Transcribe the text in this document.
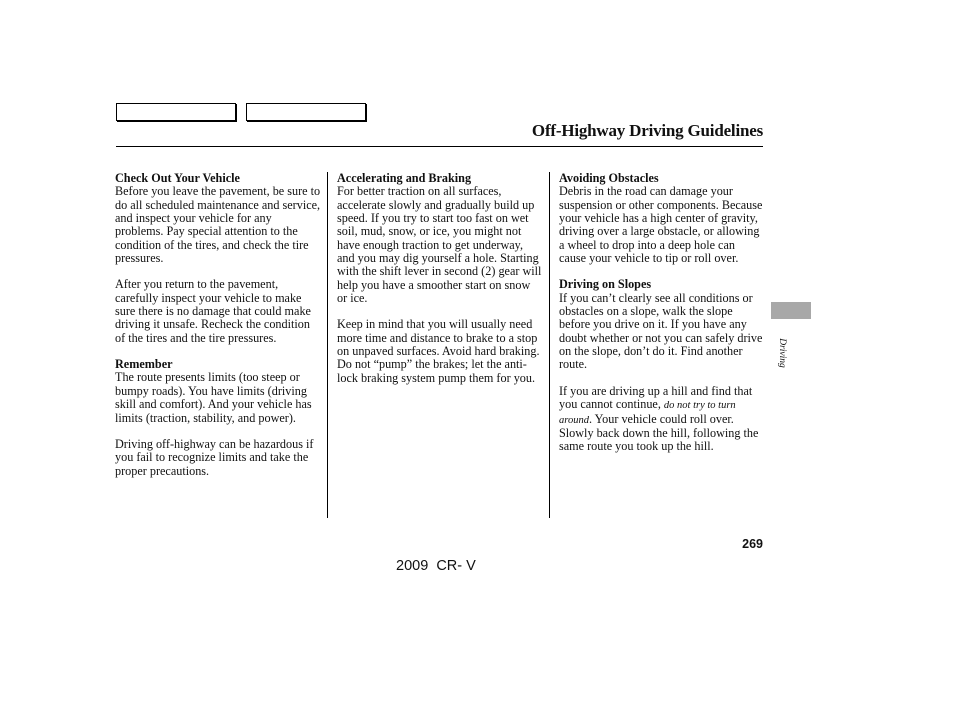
Off-Highway Driving Guidelines
Check Out Your Vehicle

Before you leave the pavement, be sure to do all scheduled maintenance and service, and inspect your vehicle for any problems. Pay special attention to the condition of the tires, and check the tire pressures.

After you return to the pavement, carefully inspect your vehicle to make sure there is no damage that could make driving it unsafe. Recheck the condition of the tires and the tire pressures.

Remember

The route presents limits (too steep or bumpy roads). You have limits (driving skill and comfort). And your vehicle has limits (traction, stability, and power).

Driving off-highway can be hazardous if you fail to recognize limits and take the proper precautions.

Accelerating and Braking

For better traction on all surfaces, accelerate slowly and gradually build up speed. If you try to start too fast on wet soil, mud, snow, or ice, you might not have enough traction to get underway, and you may dig yourself a hole. Starting with the shift lever in second (2) gear will help you have a smoother start on snow or ice.

Keep in mind that you will usually need more time and distance to brake to a stop on unpaved surfaces. Avoid hard braking. Do not “pump” the brakes; let the anti-lock braking system pump them for you.

Avoiding Obstacles

Debris in the road can damage your suspension or other components. Because your vehicle has a high center of gravity, driving over a large obstacle, or allowing a wheel to drop into a deep hole can cause your vehicle to tip or roll over.

Driving on Slopes

If you can’t clearly see all conditions or obstacles on a slope, walk the slope before you drive on it. If you have any doubt whether or not you can safely drive on the slope, don’t do it. Find another route.

If you are driving up a hill and find that you cannot continue, do not try to turn around. Your vehicle could roll over. Slowly back down the hill, following the same route you took up the hill.

Driving
269
2009  CR- V
